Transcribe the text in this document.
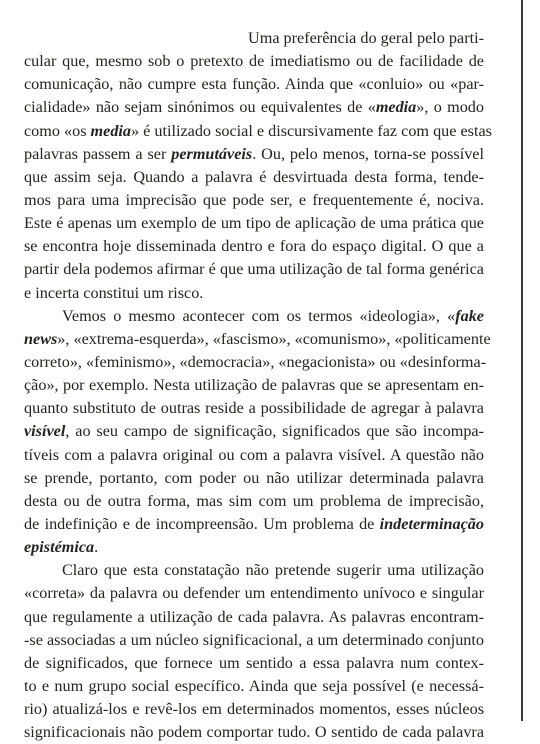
Uma preferência do geral pelo parti-
cular que, mesmo sob o pretexto de imediatismo ou de facilidade de
comunicação, não cumpre esta função. Ainda que «conluio» ou «par-
cialidade» não sejam sinónimos ou equivalentes de «media», o modo
como «os media» é utilizado social e discursivamente faz com que estas
palavras passem a ser permutáveis. Ou, pelo menos, torna-se possível
que assim seja. Quando a palavra é desvirtuada desta forma, tende-
mos para uma imprecisão que pode ser, e frequentemente é, nociva.
Este é apenas um exemplo de um tipo de aplicação de uma prática que
se encontra hoje disseminada dentro e fora do espaço digital. O que a
partir dela podemos afirmar é que uma utilização de tal forma genérica
e incerta constitui um risco.
Vemos o mesmo acontecer com os termos «ideologia», «fake
news», «extrema-esquerda», «fascismo», «comunismo», «politicamente
correto», «feminismo», «democracia», «negacionista» ou «desinforma-
ção», por exemplo. Nesta utilização de palavras que se apresentam en-
quanto substituto de outras reside a possibilidade de agregar à palavra
visível, ao seu campo de significação, significados que são incompa-
tíveis com a palavra original ou com a palavra visível. A questão não
se prende, portanto, com poder ou não utilizar determinada palavra
desta ou de outra forma, mas sim com um problema de imprecisão,
de indefinição e de incompreensão. Um problema de indeterminação
epistémica.
Claro que esta constatação não pretende sugerir uma utilização
«correta» da palavra ou defender um entendimento unívoco e singular
que regulamente a utilização de cada palavra. As palavras encontram-
-se associadas a um núcleo significacional, a um determinado conjunto
de significados, que fornece um sentido a essa palavra num contex-
to e num grupo social específico. Ainda que seja possível (e necessá-
rio) atualizá-los e revê-los em determinados momentos, esses núcleos
significacionais não podem comportar tudo. O sentido de cada palavra
